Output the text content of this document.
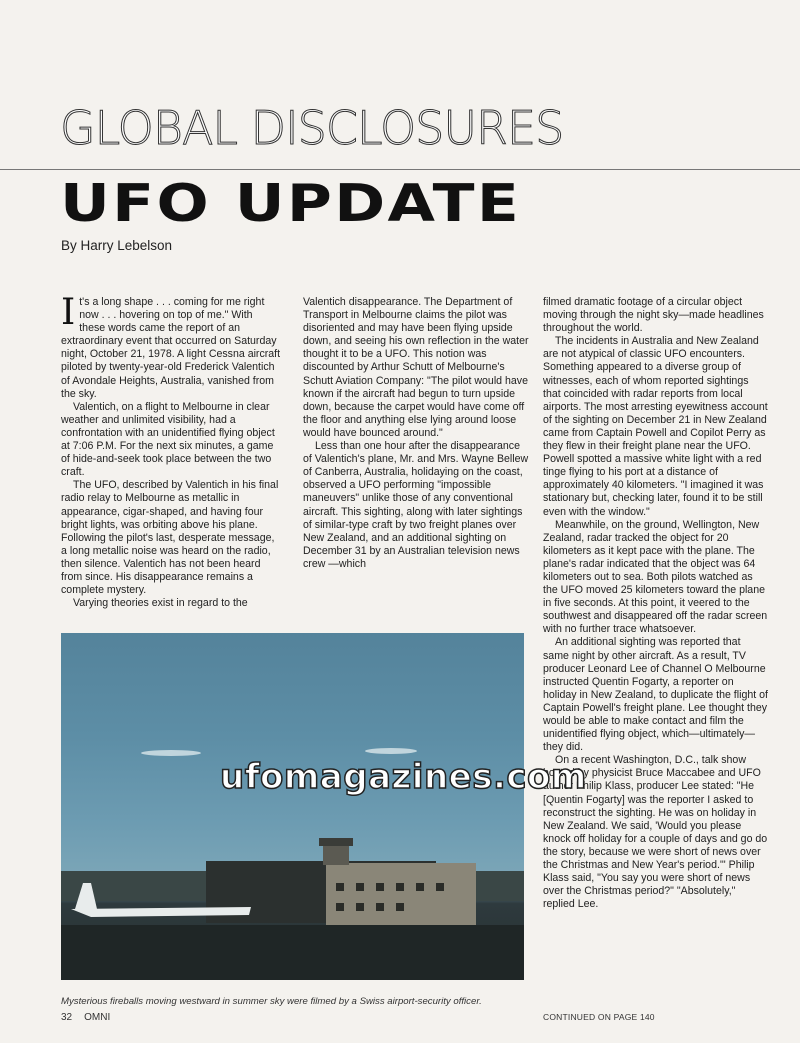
GLOBAL DISCLOSURES
UFO UPDATE
By Harry Lebelson

It's a long shape . . . coming for me right now . . . hovering on top of me." With these words came the report of an extraordinary event that occurred on Saturday night, October 21, 1978. A light Cessna aircraft piloted by twenty-year-old Frederick Valentich of Avondale Heights, Australia, vanished from the sky.

Valentich, on a flight to Melbourne in clear weather and unlimited visibility, had a confrontation with an unidentified flying object at 7:06 P.M. For the next six minutes, a game of hide-and-seek took place between the two craft.

The UFO, described by Valentich in his final radio relay to Melbourne as metallic in appearance, cigar-shaped, and having four bright lights, was orbiting above his plane. Following the pilot's last, desperate message, a long metallic noise was heard on the radio, then silence. Valentich has not been heard from since. His disappearance remains a complete mystery.

Varying theories exist in regard to the

Valentich disappearance. The Department of Transport in Melbourne claims the pilot was disoriented and may have been flying upside down, and seeing his own reflection in the water thought it to be a UFO. This notion was discounted by Arthur Schutt of Melbourne's Schutt Aviation Company: "The pilot would have known if the aircraft had begun to turn upside down, because the carpet would have come off the floor and anything else lying around loose would have bounced around."

Less than one hour after the disappearance of Valentich's plane, Mr. and Mrs. Wayne Bellew of Canberra, Australia, holidaying on the coast, observed a UFO performing "impossible maneuvers" unlike those of any conventional aircraft. This sighting, along with later sightings of similar-type craft by two freight planes over New Zealand, and an additional sighting on December 31 by an Australian television news crew —which

filmed dramatic footage of a circular object moving through the night sky—made headlines throughout the world.

The incidents in Australia and New Zealand are not atypical of classic UFO encounters. Something appeared to a diverse group of witnesses, each of whom reported sightings that coincided with radar reports from local airports. The most arresting eyewitness account of the sighting on December 21 in New Zealand came from Captain Powell and Copilot Perry as they flew in their freight plane near the UFO. Powell spotted a massive white light with a red tinge flying to his port at a distance of approximately 40 kilometers. "I imagined it was stationary but, checking later, found it to be still even with the window."

Meanwhile, on the ground, Wellington, New Zealand, radar tracked the object for 20 kilometers as it kept pace with the plane. The plane's radar indicated that the object was 64 kilometers out to sea. Both pilots watched as the UFO moved 25 kilometers toward the plane in five seconds. At this point, it veered to the southwest and disappeared off the radar screen with no further trace whatsoever.

An additional sighting was reported that same night by other aircraft. As a result, TV producer Leonard Lee of Channel O Melbourne instructed Quentin Fogarty, a reporter on holiday in New Zealand, to duplicate the flight of Captain Powell's freight plane. Lee thought they would be able to make contact and film the unidentified flying object, which—ultimately—they did.

On a recent Washington, D.C., talk show hosted by physicist Bruce Maccabee and UFO author Philip Klass, producer Lee stated: "He [Quentin Fogarty] was the reporter I asked to reconstruct the sighting. He was on holiday in New Zealand. We said, 'Would you please knock off holiday for a couple of days and go do the story, because we were short of news over the Christmas and New Year's period.'" Philip Klass said, "You say you were short of news over the Christmas period?" "Absolutely," replied Lee.

ufomagazines.com
Mysterious fireballs moving westward in summer sky were filmed by a Swiss airport-security officer.
32 OMNI	CONTINUED ON PAGE 140
